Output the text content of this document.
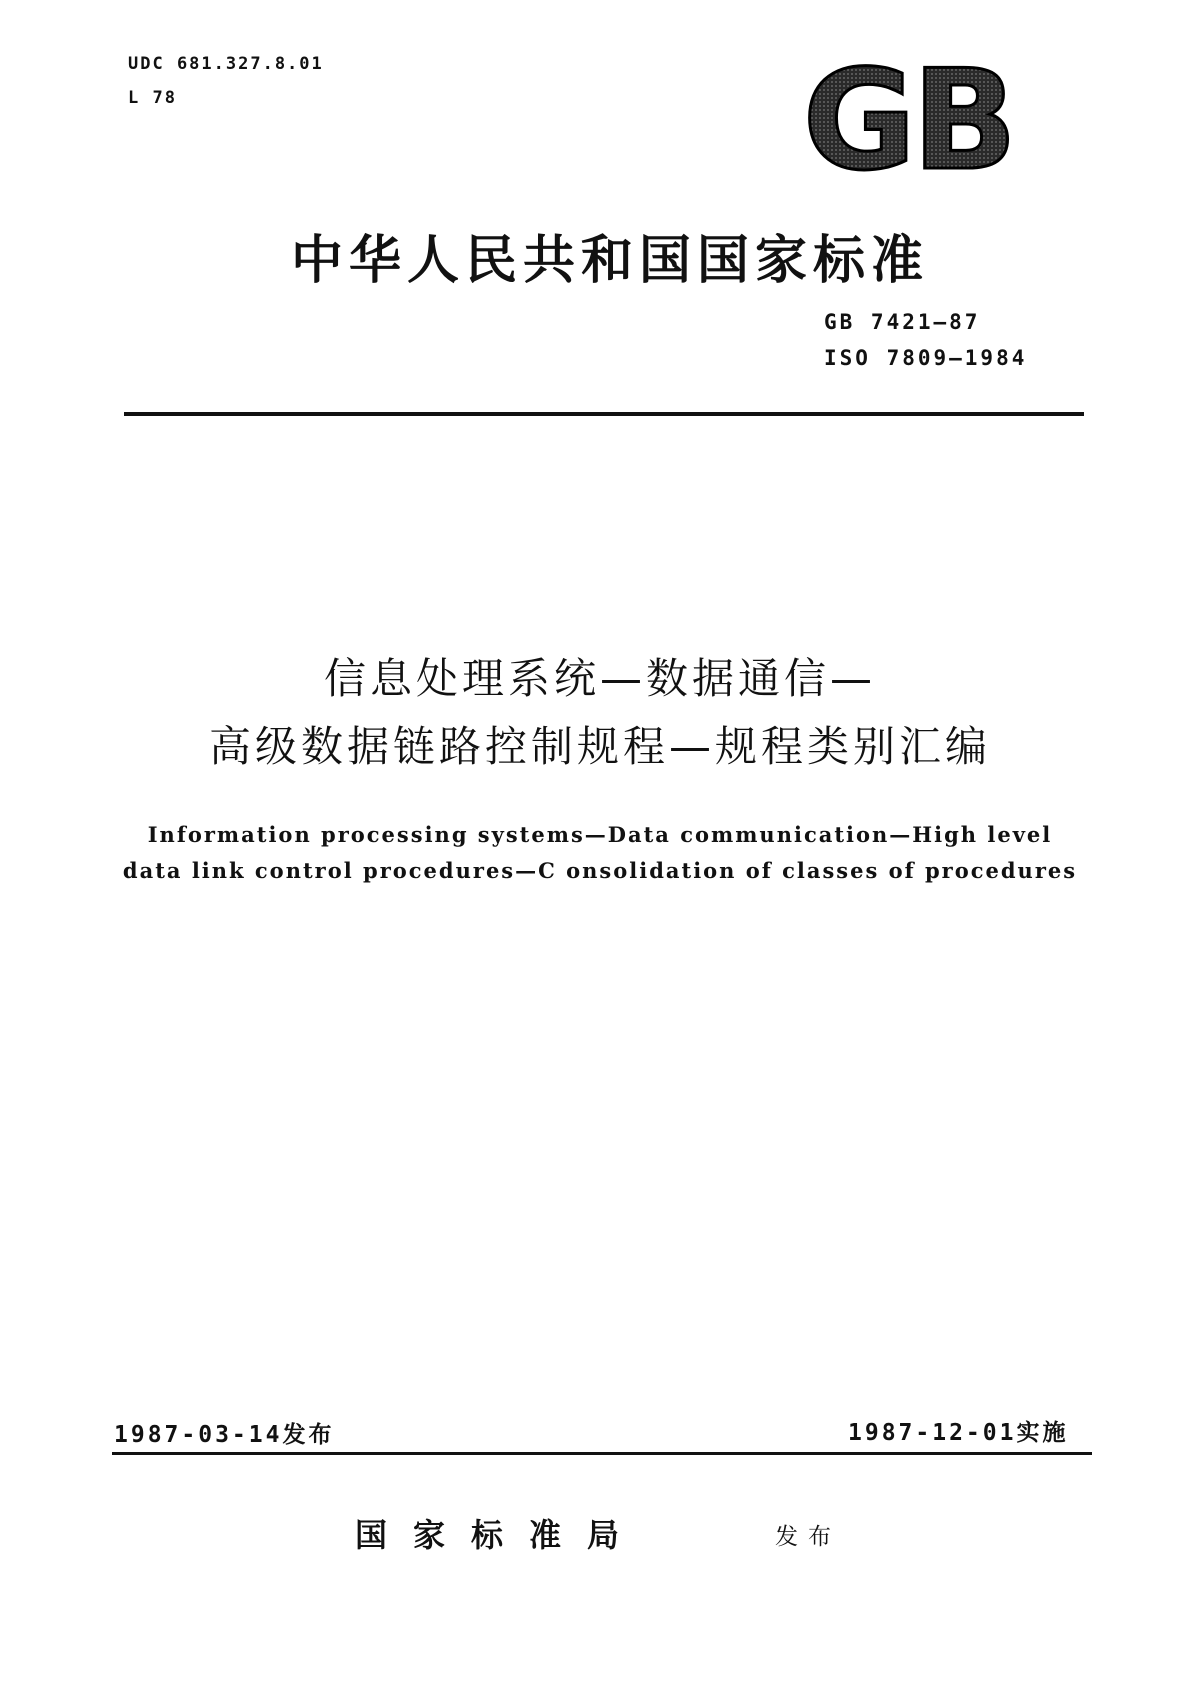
UDC 681.327.8.01
L 78	GB
中华人民共和国国家标准
GB 7421—87
ISO 7809—1984
信息处理系统—数据通信—
高级数据链路控制规程—规程类别汇编
Information processing systems—Data communication—High level
data link control procedures—C onsolidation of classes of procedures
1987-03-14发布	1987-12-01实施
国家标准局	发布
